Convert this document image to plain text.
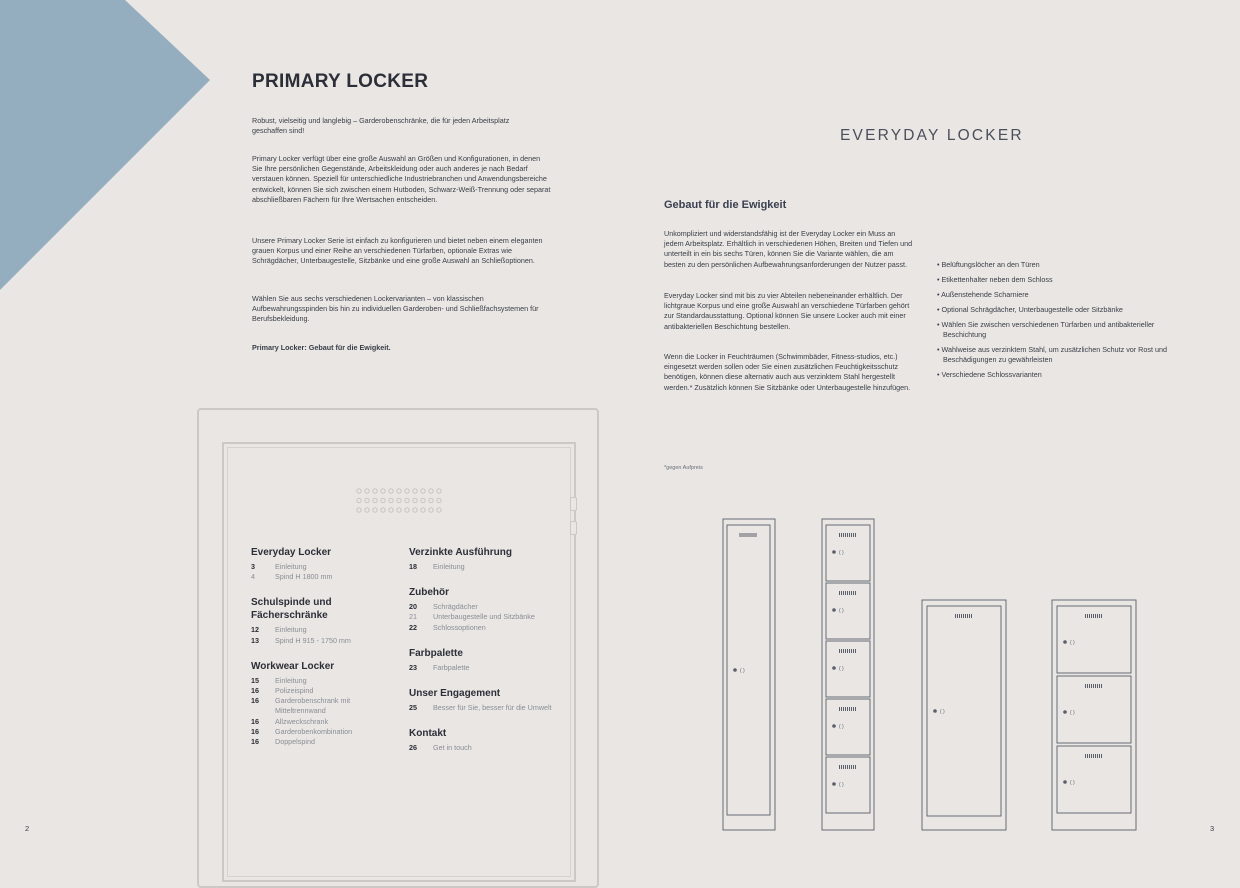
PRIMARY LOCKER

Robust, vielseitig und langlebig – Garderobenschränke, die für jeden Arbeitsplatz geschaffen sind!

Primary Locker verfügt über eine große Auswahl an Größen und Konfigurationen, in denen Sie Ihre persönlichen Gegenstände, Arbeitskleidung oder auch anderes je nach Bedarf verstauen können. Speziell für unterschiedliche Industriebranchen und Anwendungsbereiche entwickelt, können Sie sich zwischen einem Hutboden, Schwarz-Weiß-Trennung oder separat abschließbaren Fächern für Ihre Wertsachen entscheiden.

Unsere Primary Locker Serie ist einfach zu konfigurieren und bietet neben einem eleganten grauen Korpus und einer Reihe an verschiedenen Türfarben, optionale Extras wie Schrägdächer, Unterbaugestelle, Sitzbänke und eine große Auswahl an Schließoptionen.

Wählen Sie aus sechs verschiedenen Lockervarianten – von klassischen Aufbewahrungsspinden bis hin zu individuellen Garderoben- und Schließfachsystemen für Berufsbekleidung.

Primary Locker: Gebaut für die Ewigkeit.

Everyday Locker
3	Einleitung
4	Spind H 1800 mm
Schulspinde und Fächerschränke
12	Einleitung
13	Spind H 915 - 1750 mm
Workwear Locker
15	Einleitung
16	Polizeispind
16	Garderobenschrank mit Mitteltrennwand
16	Allzweckschrank
16	Garderobenkombination
16	Doppelspind
Verzinkte Ausführung
18	Einleitung
Zubehör
20	Schrägdächer
21	Unterbaugestelle und Sitzbänke
22	Schlossoptionen
Farbpalette
23	Farbpalette
Unser Engagement
25	Besser für Sie, besser für die Umwelt
Kontakt
26	Get in touch
2
EVERYDAY LOCKER
Gebaut für die Ewigkeit

Unkompliziert und widerstandsfähig ist der Everyday Locker ein Muss an jedem Arbeitsplatz. Erhältlich in verschiedenen Höhen, Breiten und Tiefen und unterteilt in ein bis sechs Türen, können Sie die Variante wählen, die am besten zu den persönlichen Aufbewahrungsanforderungen der Nutzer passt.

Everyday Locker sind mit bis zu vier Abteilen nebeneinander erhältlich. Der lichtgraue Korpus und eine große Auswahl an verschiedene Türfarben gehört zur Standardausstattung. Optional können Sie unsere Locker auch mit einer antibakteriellen Beschichtung bestellen.

Wenn die Locker in Feuchträumen (Schwimmbäder, Fitness-studios, etc.) eingesetzt werden sollen oder Sie einen zusätzlichen Feuchtigkeitsschutz benötigen, können diese alternativ auch aus verzinktem Stahl hergestellt werden.* Zusätzlich können Sie Sitzbänke oder Unterbaugestelle hinzufügen.

• Belüftungslöcher an den Türen
• Etikettenhalter neben dem Schloss
• Außenstehende Scharniere
• Optional Schrägdächer, Unterbaugestelle oder Sitzbänke
• Wählen Sie zwischen verschiedenen Türfarben und antibakterieller Beschichtung
• Wahlweise aus verzinktem Stahl, um zusätzlichen Schutz vor Rost und Beschädigungen zu gewährleisten
• Verschiedene Schlossvarianten
*gegen Aufpreis
( )
( )
( )
( )
( )
( )
( )
( )
( )
( )
3
